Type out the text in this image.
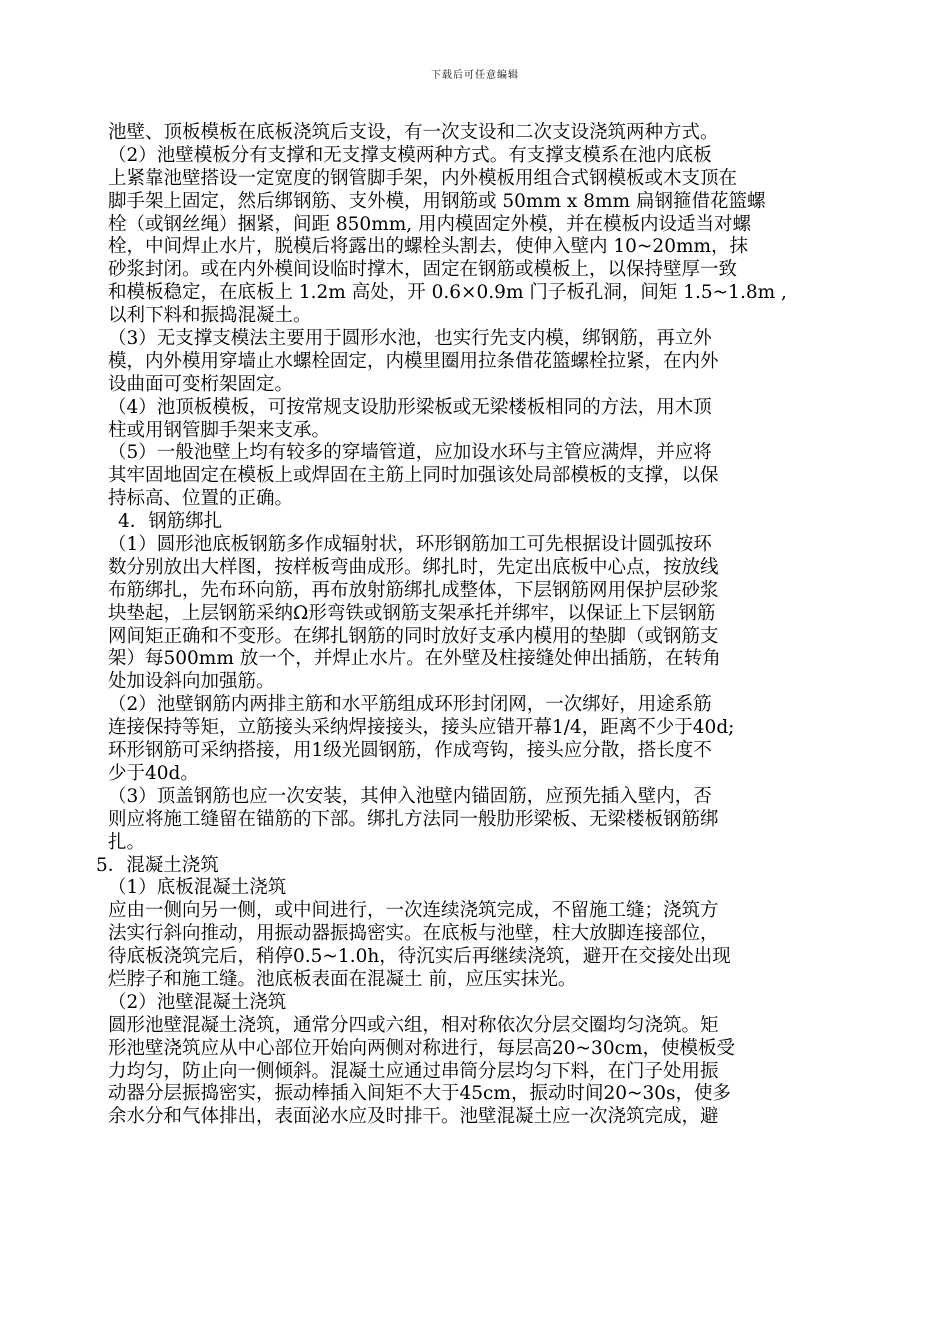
下载后可任意编辑
池壁、顶板模板在底板浇筑后支设，有一次支设和二次支设浇筑两种方式。
（2）池壁模板分有支撑和无支撑支模两种方式。有支撑支模系在池内底板
上紧靠池壁搭设一定宽度的钢管脚手架，内外模板用组合式钢模板或木支顶在
脚手架上固定，然后绑钢筋、支外模，用钢筋或 50mm x 8mm 扁钢箍借花篮螺
栓（或钢丝绳）捆紧，间距 850mm, 用内模固定外模，并在模板内设适当对螺
栓，中间焊止水片，脱模后将露出的螺栓头割去，使伸入壁内 10~20mm，抹
砂浆封闭。或在内外模间设临时撑木，固定在钢筋或模板上，以保持壁厚一致
和模板稳定，在底板上 1.2m 高处，开 0.6×0.9m 门子板孔洞，间矩 1.5~1.8m ,
以利下料和振捣混凝土。
（3）无支撑支模法主要用于圆形水池，也实行先支内模，绑钢筋，再立外
模，内外模用穿墙止水螺栓固定，内模里圈用拉条借花篮螺栓拉紧，在内外
设曲面可变桁架固定。
（4）池顶板模板，可按常规支设肋形梁板或无梁楼板相同的方法，用木顶
柱或用钢管脚手架来支承。
（5）一般池壁上均有较多的穿墙管道，应加设水环与主管应满焊，并应将
其牢固地固定在模板上或焊固在主筋上同时加强该处局部模板的支撑，以保
持标高、位置的正确。
4．钢筋绑扎
（1）圆形池底板钢筋多作成辐射状，环形钢筋加工可先根据设计圆弧按环
数分别放出大样图，按样板弯曲成形。绑扎时，先定出底板中心点，按放线
布筋绑扎，先布环向筋，再布放射筋绑扎成整体，下层钢筋网用保护层砂浆
块垫起，上层钢筋采纳Ω形弯铁或钢筋支架承托并绑牢，以保证上下层钢筋
网间矩正确和不变形。在绑扎钢筋的同时放好支承内模用的垫脚（或钢筋支
架）每500mm 放一个，并焊止水片。在外壁及柱接缝处伸出插筋，在转角
处加设斜向加强筋。
（2）池壁钢筋内两排主筋和水平筋组成环形封闭网，一次绑好，用途系筋
连接保持等矩，立筋接头采纳焊接接头，接头应错开幕1/4，距离不少于40d;
环形钢筋可采纳搭接，用1级光圆钢筋，作成弯钩，接头应分散，搭长度不
少于40d。
（3）顶盖钢筋也应一次安装，其伸入池壁内锚固筋，应预先插入壁内，否
则应将施工缝留在锚筋的下部。绑扎方法同一般肋形梁板、无梁楼板钢筋绑
扎。
5．混凝土浇筑
（1）底板混凝土浇筑
应由一侧向另一侧，或中间进行，一次连续浇筑完成，不留施工缝；浇筑方
法实行斜向推动，用振动器振捣密实。在底板与池壁，柱大放脚连接部位，
待底板浇筑完后，稍停0.5~1.0h，待沉实后再继续浇筑，避开在交接处出现
烂脖子和施工缝。池底板表面在混凝土 前，应压实抹光。
（2）池壁混凝土浇筑
圆形池壁混凝土浇筑，通常分四或六组，相对称依次分层交圈均匀浇筑。矩
形池壁浇筑应从中心部位开始向两侧对称进行，每层高20~30cm，使模板受
力均匀，防止向一侧倾斜。混凝土应通过串筒分层均匀下料，在门子处用振
动器分层振捣密实，振动棒插入间矩不大于45cm，振动时间20~30s，使多
余水分和气体排出，表面泌水应及时排干。池壁混凝土应一次浇筑完成，避
